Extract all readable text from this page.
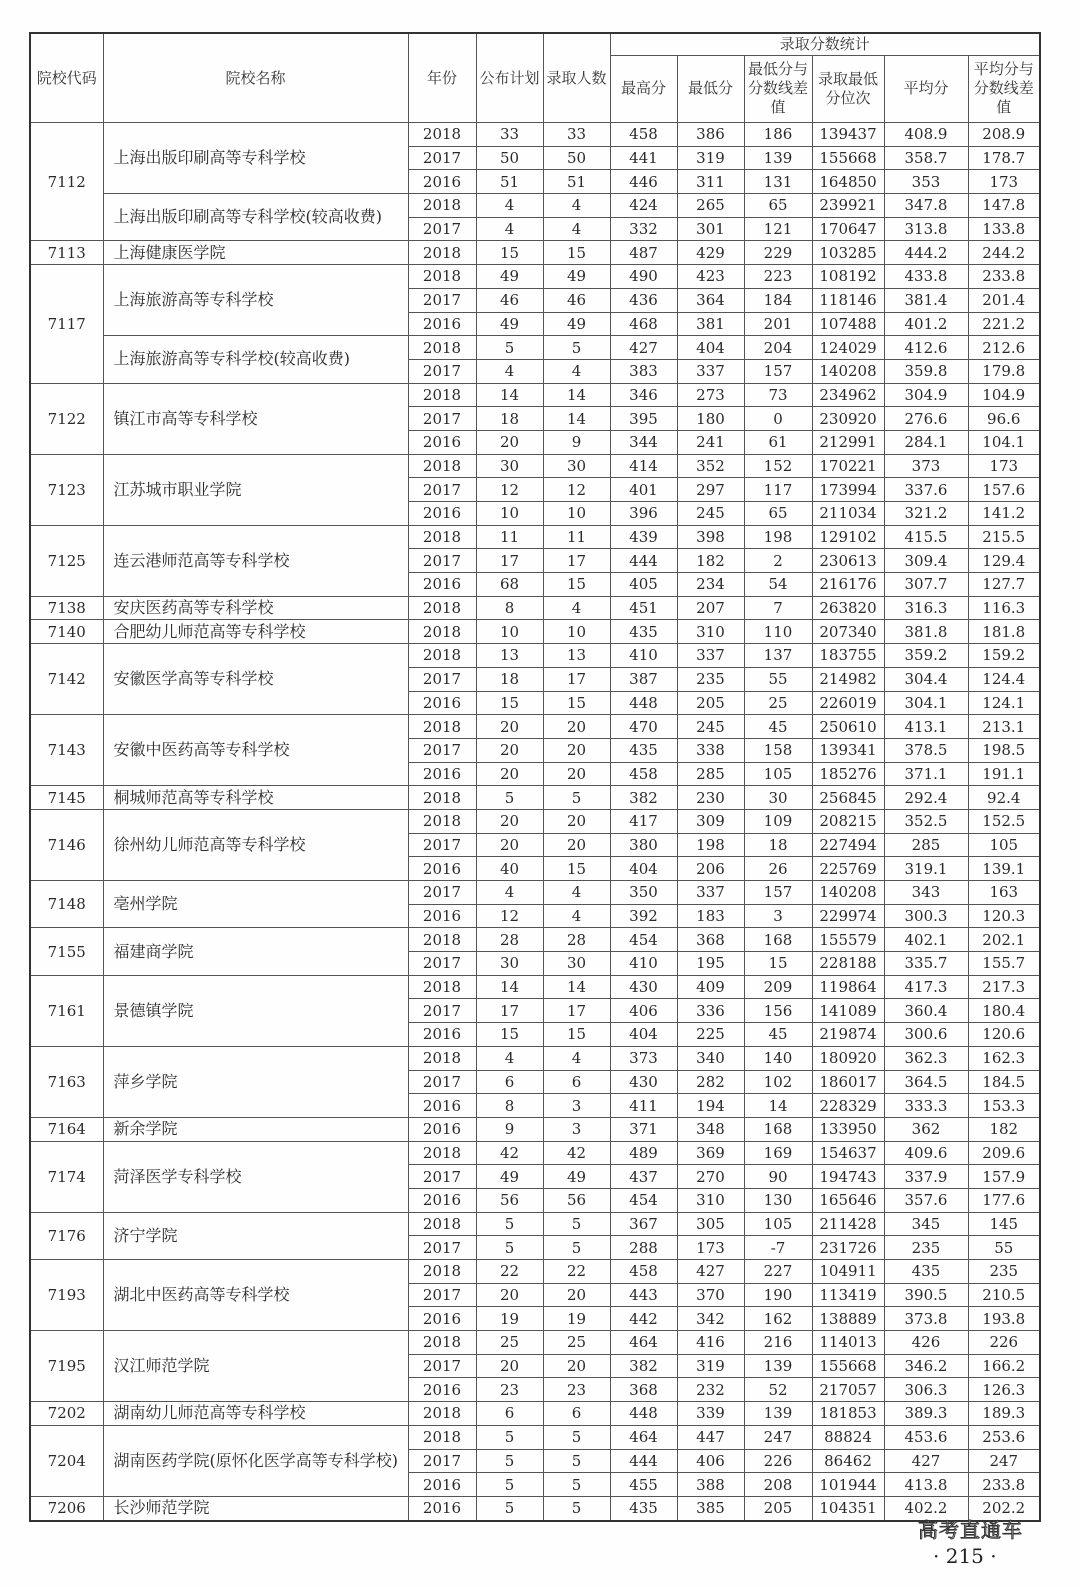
院校代码	院校名称	年份	公布计划	录取人数	录取分数统计					
					最高分	最低分	最低分与分数线差值	录取最低分位次	平均分	平均分与分数线差值
7112	上海出版印刷高等专科学校	2018	33	33	458	386	186	139437	408.9	208.9
		2017	50	50	441	319	139	155668	358.7	178.7
		2016	51	51	446	311	131	164850	353	173
	上海出版印刷高等专科学校(较高收费)	2018	4	4	424	265	65	239921	347.8	147.8
		2017	4	4	332	301	121	170647	313.8	133.8
7113	上海健康医学院	2018	15	15	487	429	229	103285	444.2	244.2
7117	上海旅游高等专科学校	2018	49	49	490	423	223	108192	433.8	233.8
		2017	46	46	436	364	184	118146	381.4	201.4
		2016	49	49	468	381	201	107488	401.2	221.2
	上海旅游高等专科学校(较高收费)	2018	5	5	427	404	204	124029	412.6	212.6
		2017	4	4	383	337	157	140208	359.8	179.8
7122	镇江市高等专科学校	2018	14	14	346	273	73	234962	304.9	104.9
		2017	18	14	395	180	0	230920	276.6	96.6
		2016	20	9	344	241	61	212991	284.1	104.1
7123	江苏城市职业学院	2018	30	30	414	352	152	170221	373	173
		2017	12	12	401	297	117	173994	337.6	157.6
		2016	10	10	396	245	65	211034	321.2	141.2
7125	连云港师范高等专科学校	2018	11	11	439	398	198	129102	415.5	215.5
		2017	17	17	444	182	2	230613	309.4	129.4
		2016	68	15	405	234	54	216176	307.7	127.7
7138	安庆医药高等专科学校	2018	8	4	451	207	7	263820	316.3	116.3
7140	合肥幼儿师范高等专科学校	2018	10	10	435	310	110	207340	381.8	181.8
7142	安徽医学高等专科学校	2018	13	13	410	337	137	183755	359.2	159.2
		2017	18	17	387	235	55	214982	304.4	124.4
		2016	15	15	448	205	25	226019	304.1	124.1
7143	安徽中医药高等专科学校	2018	20	20	470	245	45	250610	413.1	213.1
		2017	20	20	435	338	158	139341	378.5	198.5
		2016	20	20	458	285	105	185276	371.1	191.1
7145	桐城师范高等专科学校	2018	5	5	382	230	30	256845	292.4	92.4
7146	徐州幼儿师范高等专科学校	2018	20	20	417	309	109	208215	352.5	152.5
		2017	20	20	380	198	18	227494	285	105
		2016	40	15	404	206	26	225769	319.1	139.1
7148	亳州学院	2017	4	4	350	337	157	140208	343	163
		2016	12	4	392	183	3	229974	300.3	120.3
7155	福建商学院	2018	28	28	454	368	168	155579	402.1	202.1
		2017	30	30	410	195	15	228188	335.7	155.7
7161	景德镇学院	2018	14	14	430	409	209	119864	417.3	217.3
		2017	17	17	406	336	156	141089	360.4	180.4
		2016	15	15	404	225	45	219874	300.6	120.6
7163	萍乡学院	2018	4	4	373	340	140	180920	362.3	162.3
		2017	6	6	430	282	102	186017	364.5	184.5
		2016	8	3	411	194	14	228329	333.3	153.3
7164	新余学院	2016	9	3	371	348	168	133950	362	182
7174	菏泽医学专科学校	2018	42	42	489	369	169	154637	409.6	209.6
		2017	49	49	437	270	90	194743	337.9	157.9
		2016	56	56	454	310	130	165646	357.6	177.6
7176	济宁学院	2018	5	5	367	305	105	211428	345	145
		2017	5	5	288	173	-7	231726	235	55
7193	湖北中医药高等专科学校	2018	22	22	458	427	227	104911	435	235
		2017	20	20	443	370	190	113419	390.5	210.5
		2016	19	19	442	342	162	138889	373.8	193.8
7195	汉江师范学院	2018	25	25	464	416	216	114013	426	226
		2017	20	20	382	319	139	155668	346.2	166.2
		2016	23	23	368	232	52	217057	306.3	126.3
7202	湖南幼儿师范高等专科学校	2018	6	6	448	339	139	181853	389.3	189.3
7204	湖南医药学院(原怀化医学高等专科学校)	2018	5	5	464	447	247	88824	453.6	253.6
		2017	5	5	444	406	226	86462	427	247
		2016	5	5	455	388	208	101944	413.8	233.8
7206	长沙师范学院	2016	5	5	435	385	205	104351	402.2	202.2
高考直通车
· 215 ·
